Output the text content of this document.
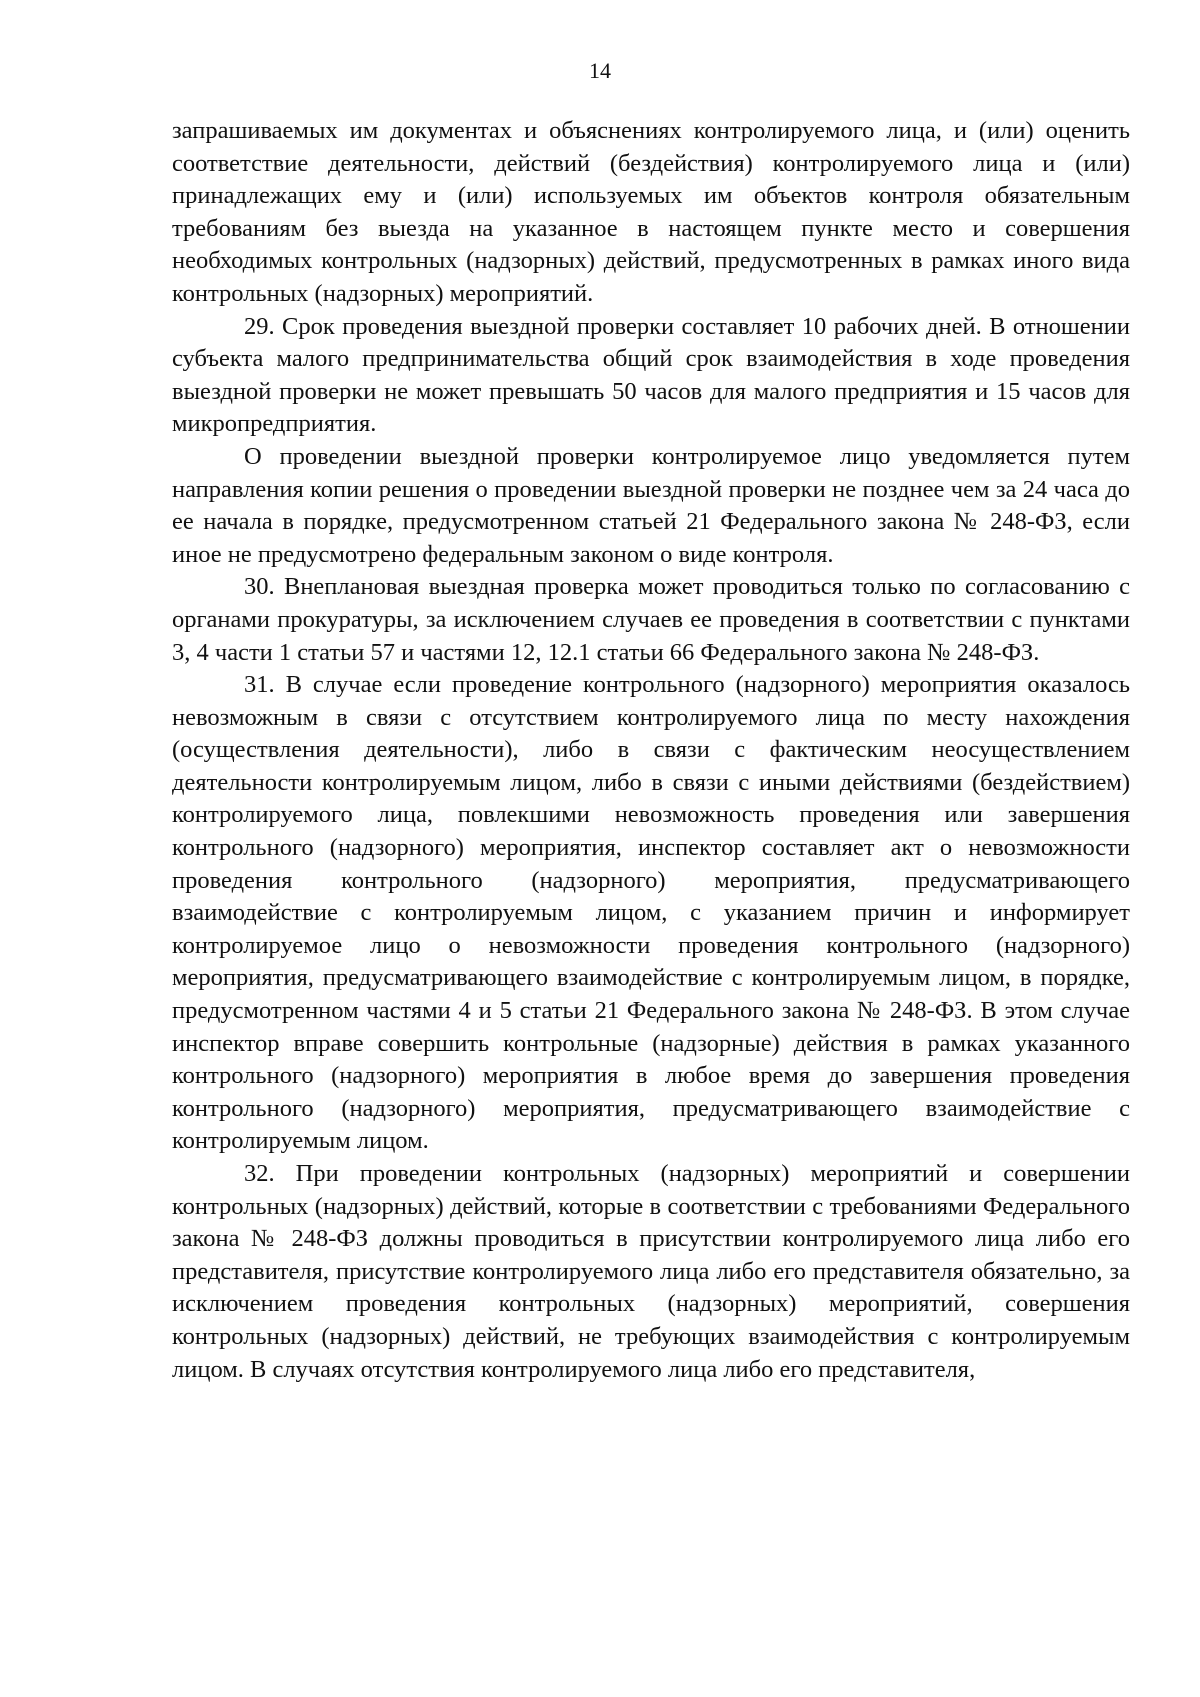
14

запрашиваемых им документах и объяснениях контролируемого лица, и (или) оценить соответствие деятельности, действий (бездействия) контролируемого лица и (или) принадлежащих ему и (или) используемых им объектов контроля обязательным требованиям без выезда на указанное в настоящем пункте место и совершения необходимых контрольных (надзорных) действий, предусмотренных в рамках иного вида контрольных (надзорных) мероприятий.

29. Срок проведения выездной проверки составляет 10 рабочих дней. В отношении субъекта малого предпринимательства общий срок взаимодействия в ходе проведения выездной проверки не может превышать 50 часов для малого предприятия и 15 часов для микропредприятия.

О проведении выездной проверки контролируемое лицо уведомляется путем направления копии решения о проведении выездной проверки не позднее чем за 24 часа до ее начала в порядке, предусмотренном статьей 21 Федерального закона № 248-ФЗ, если иное не предусмотрено федеральным законом о виде контроля.

30. Внеплановая выездная проверка может проводиться только по согласованию с органами прокуратуры, за исключением случаев ее проведения в соответствии с пунктами 3, 4 части 1 статьи 57 и частями 12, 12.1 статьи 66 Федерального закона № 248-ФЗ.

31. В случае если проведение контрольного (надзорного) мероприятия оказалось невозможным в связи с отсутствием контролируемого лица по месту нахождения (осуществления деятельности), либо в связи с фактическим неосуществлением деятельности контролируемым лицом, либо в связи с иными действиями (бездействием) контролируемого лица, повлекшими невозможность проведения или завершения контрольного (надзорного) мероприятия, инспектор составляет акт о невозможности проведения контрольного (надзорного) мероприятия, предусматривающего взаимодействие с контролируемым лицом, с указанием причин и информирует контролируемое лицо о невозможности проведения контрольного (надзорного) мероприятия, предусматривающего взаимодействие с контролируемым лицом, в порядке, предусмотренном частями 4 и 5 статьи 21 Федерального закона № 248-ФЗ. В этом случае инспектор вправе совершить контрольные (надзорные) действия в рамках указанного контрольного (надзорного) мероприятия в любое время до завершения проведения контрольного (надзорного) мероприятия, предусматривающего взаимодействие с контролируемым лицом.

32. При проведении контрольных (надзорных) мероприятий и совершении контрольных (надзорных) действий, которые в соответствии с требованиями Федерального закона № 248-ФЗ должны проводиться в присутствии контролируемого лица либо его представителя, присутствие контролируемого лица либо его представителя обязательно, за исключением проведения контрольных (надзорных) мероприятий, совершения контрольных (надзорных) действий, не требующих взаимодействия с контролируемым лицом. В случаях отсутствия контролируемого лица либо его представителя,
